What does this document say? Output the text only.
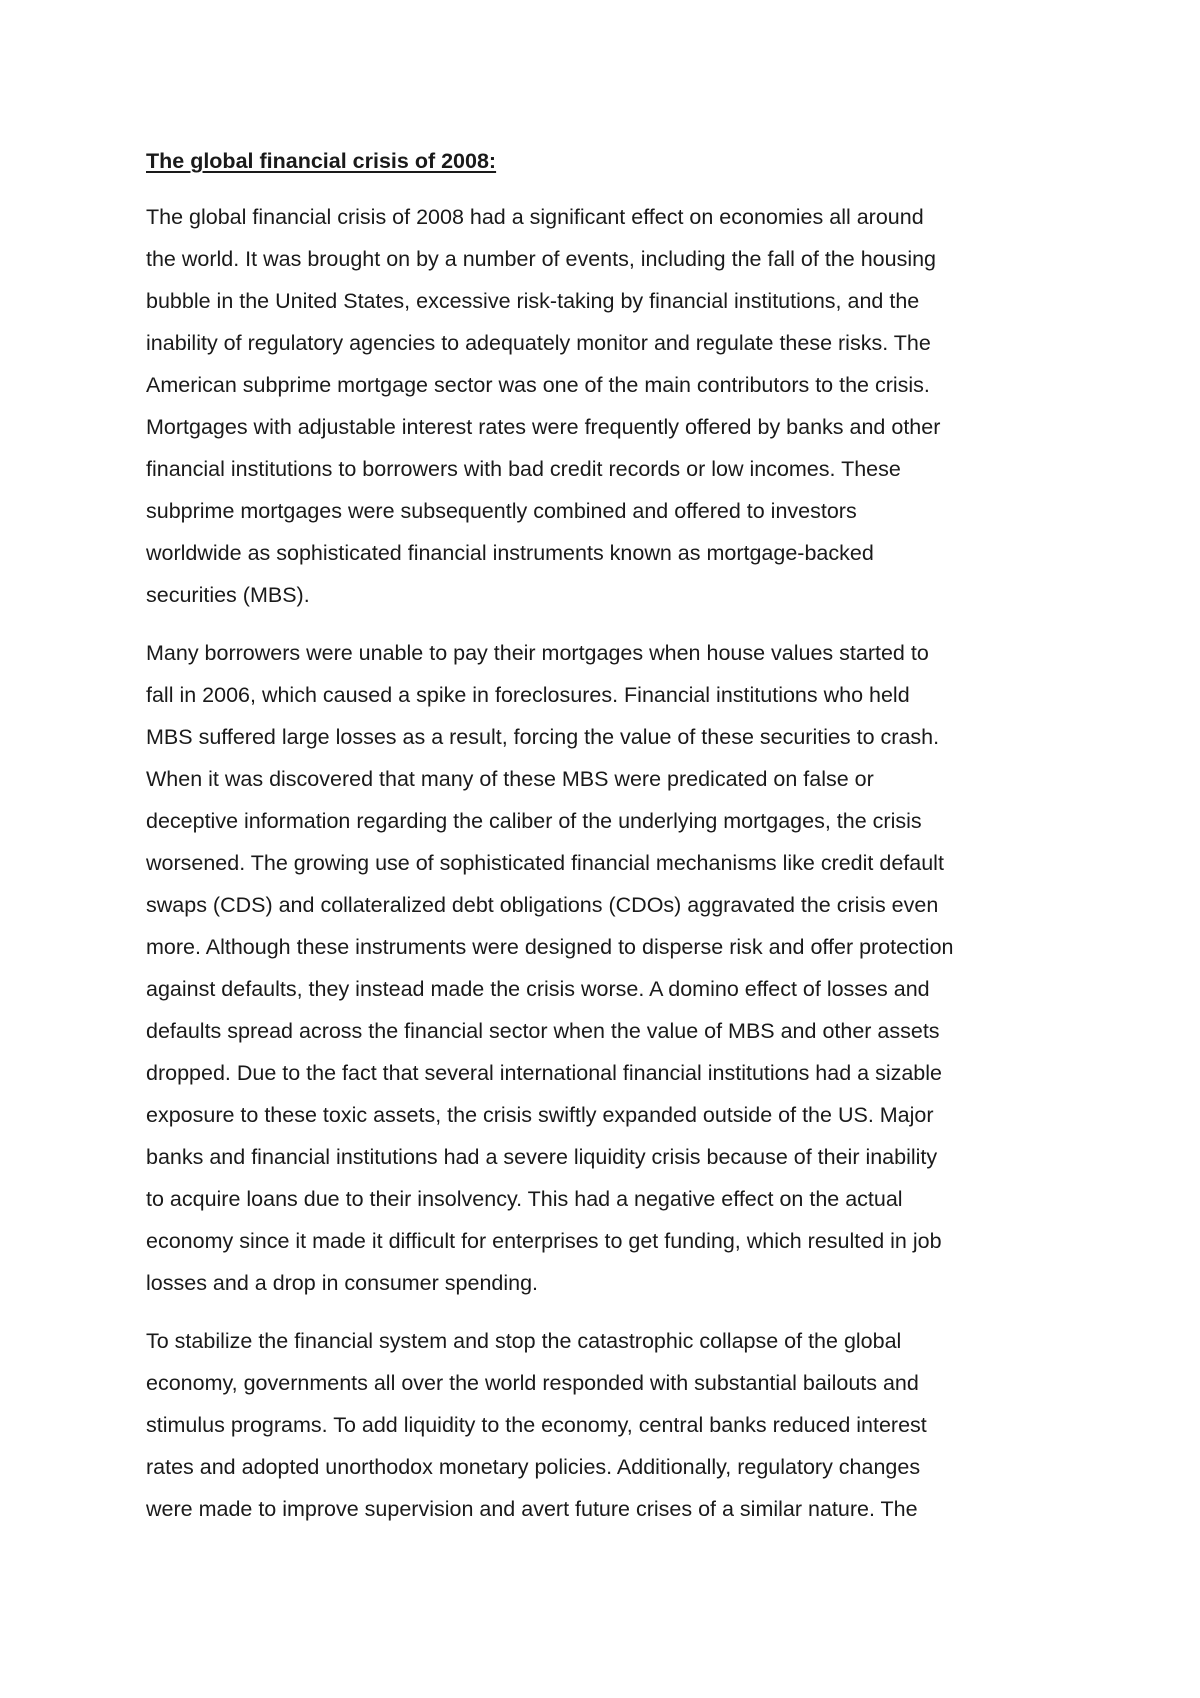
The global financial crisis of 2008:
The global financial crisis of 2008 had a significant effect on economies all around
the world. It was brought on by a number of events, including the fall of the housing
bubble in the United States, excessive risk-taking by financial institutions, and the
inability of regulatory agencies to adequately monitor and regulate these risks. The
American subprime mortgage sector was one of the main contributors to the crisis.
Mortgages with adjustable interest rates were frequently offered by banks and other
financial institutions to borrowers with bad credit records or low incomes. These
subprime mortgages were subsequently combined and offered to investors
worldwide as sophisticated financial instruments known as mortgage-backed
securities (MBS).
Many borrowers were unable to pay their mortgages when house values started to
fall in 2006, which caused a spike in foreclosures. Financial institutions who held
MBS suffered large losses as a result, forcing the value of these securities to crash.
When it was discovered that many of these MBS were predicated on false or
deceptive information regarding the caliber of the underlying mortgages, the crisis
worsened. The growing use of sophisticated financial mechanisms like credit default
swaps (CDS) and collateralized debt obligations (CDOs) aggravated the crisis even
more. Although these instruments were designed to disperse risk and offer protection
against defaults, they instead made the crisis worse. A domino effect of losses and
defaults spread across the financial sector when the value of MBS and other assets
dropped. Due to the fact that several international financial institutions had a sizable
exposure to these toxic assets, the crisis swiftly expanded outside of the US. Major
banks and financial institutions had a severe liquidity crisis because of their inability
to acquire loans due to their insolvency. This had a negative effect on the actual
economy since it made it difficult for enterprises to get funding, which resulted in job
losses and a drop in consumer spending.
To stabilize the financial system and stop the catastrophic collapse of the global
economy, governments all over the world responded with substantial bailouts and
stimulus programs. To add liquidity to the economy, central banks reduced interest
rates and adopted unorthodox monetary policies. Additionally, regulatory changes
were made to improve supervision and avert future crises of a similar nature. The
